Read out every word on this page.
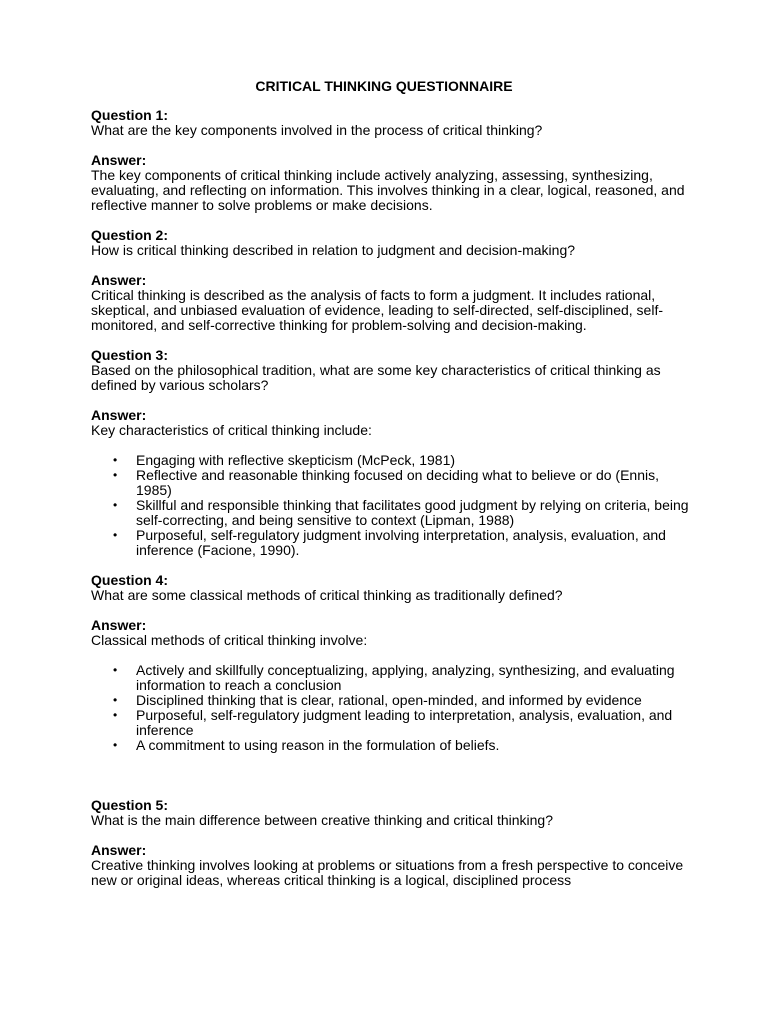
CRITICAL THINKING QUESTIONNAIRE
Question 1:
What are the key components involved in the process of critical thinking?
Answer:
The key components of critical thinking include actively analyzing, assessing, synthesizing, evaluating, and reflecting on information. This involves thinking in a clear, logical, reasoned, and reflective manner to solve problems or make decisions.
Question 2:
How is critical thinking described in relation to judgment and decision-making?
Answer:
Critical thinking is described as the analysis of facts to form a judgment. It includes rational, skeptical, and unbiased evaluation of evidence, leading to self-directed, self-disciplined, self-monitored, and self-corrective thinking for problem-solving and decision-making.
Question 3:
Based on the philosophical tradition, what are some key characteristics of critical thinking as defined by various scholars?
Answer:
Key characteristics of critical thinking include:
• Engaging with reflective skepticism (McPeck, 1981)
• Reflective and reasonable thinking focused on deciding what to believe or do (Ennis, 1985)
• Skillful and responsible thinking that facilitates good judgment by relying on criteria, being self-correcting, and being sensitive to context (Lipman, 1988)
• Purposeful, self-regulatory judgment involving interpretation, analysis, evaluation, and inference (Facione, 1990).
Question 4:
What are some classical methods of critical thinking as traditionally defined?
Answer:
Classical methods of critical thinking involve:
• Actively and skillfully conceptualizing, applying, analyzing, synthesizing, and evaluating information to reach a conclusion
• Disciplined thinking that is clear, rational, open-minded, and informed by evidence
• Purposeful, self-regulatory judgment leading to interpretation, analysis, evaluation, and inference
• A commitment to using reason in the formulation of beliefs.
Question 5:
What is the main difference between creative thinking and critical thinking?
Answer:
Creative thinking involves looking at problems or situations from a fresh perspective to conceive new or original ideas, whereas critical thinking is a logical, disciplined process
